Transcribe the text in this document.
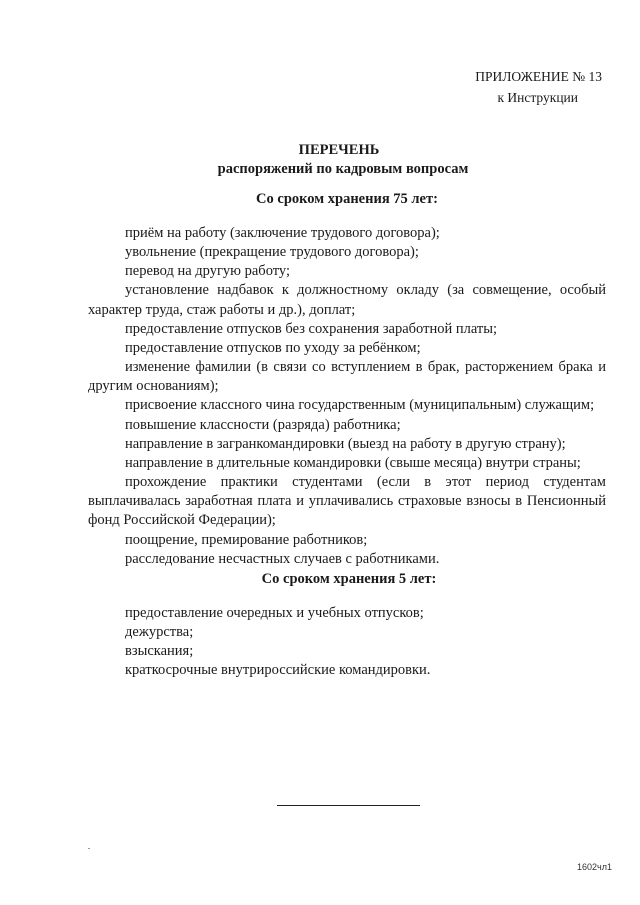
ПРИЛОЖЕНИЕ № 13
к Инструкции
ПЕРЕЧЕНЬ
распоряжений по кадровым вопросам
Со сроком хранения 75 лет:

приём на работу (заключение трудового договора);

увольнение (прекращение трудового договора);

перевод на другую работу;

установление надбавок к должностному окладу (за совмещение, особый характер труда, стаж работы и др.), доплат;

предоставление отпусков без сохранения заработной платы;

предоставление отпусков по уходу за ребёнком;

изменение фамилии (в связи со вступлением в брак, расторжением брака и другим основаниям);

присвоение классного чина государственным (муниципальным) служащим;

повышение классности (разряда) работника;

направление в загранкомандировки (выезд на работу в другую страну);

направление в длительные командировки (свыше месяца) внутри страны;

прохождение практики студентами (если в этот период студентам выплачивалась заработная плата и уплачивались страховые взносы в Пенсионный фонд Российской Федерации);

поощрение, премирование работников;

расследование несчастных случаев с работниками.

Со сроком хранения 5 лет:

предоставление очередных и учебных отпусков;

дежурства;

взыскания;

краткосрочные внутрироссийские командировки.

1602чл1
